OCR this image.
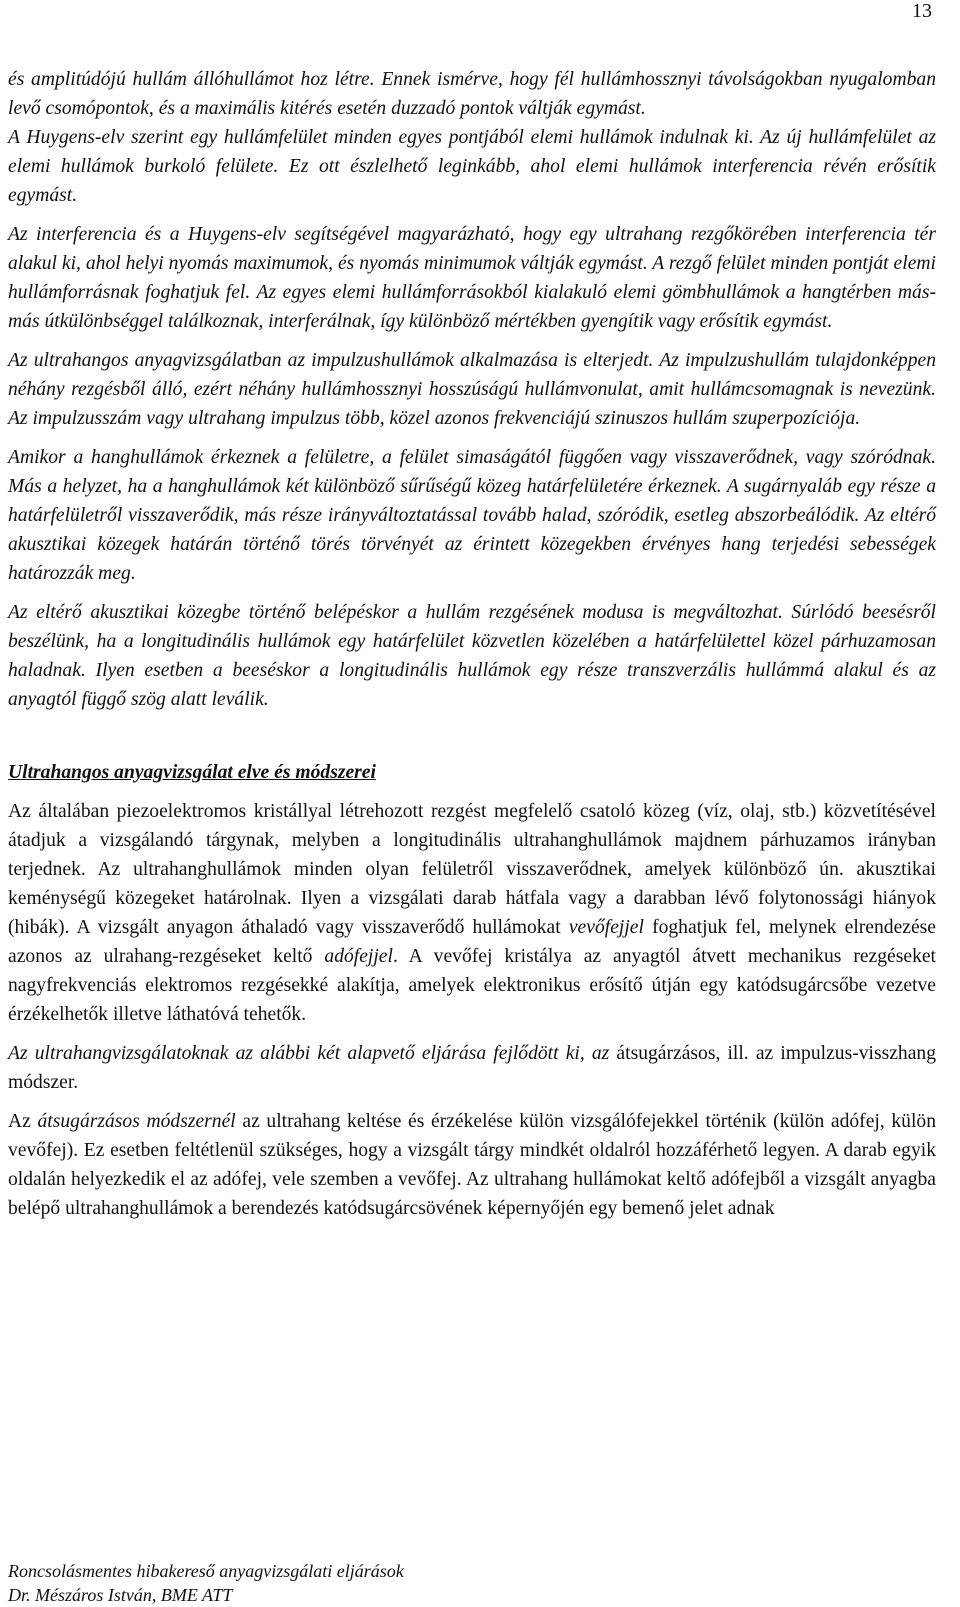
13

és amplitúdójú hullám állóhullámot hoz létre. Ennek ismérve, hogy fél hullámhossznyi távolságokban nyugalomban levő csomópontok, és a maximális kitérés esetén duzzadó pontok váltják egymást.

A Huygens-elv szerint egy hullámfelület minden egyes pontjából elemi hullámok indulnak ki. Az új hullámfelület az elemi hullámok burkoló felülete. Ez ott észlelhető leginkább, ahol elemi hullámok interferencia révén erősítik egymást.

Az interferencia és a Huygens-elv segítségével magyarázható, hogy egy ultrahang rezgőkörében interferencia tér alakul ki, ahol helyi nyomás maximumok, és nyomás minimumok váltják egymást. A rezgő felület minden pontját elemi hullámforrásnak foghatjuk fel. Az egyes elemi hullámforrásokból kialakuló elemi gömbhullámok a hangtérben más-más útkülönbséggel találkoznak, interferálnak, így különböző mértékben gyengítik vagy erősítik egymást.

Az ultrahangos anyagvizsgálatban az impulzushullámok alkalmazása is elterjedt. Az impulzushullám tulajdonképpen néhány rezgésből álló, ezért néhány hullámhossznyi hosszúságú hullámvonulat, amit hullámcsomagnak is nevezünk. Az impulzusszám vagy ultrahang impulzus több, közel azonos frekvenciájú szinuszos hullám szuperpozíciója.

Amikor a hanghullámok érkeznek a felületre, a felület simaságától függően vagy visszaverődnek, vagy szóródnak. Más a helyzet, ha a hanghullámok két különböző sűrűségű közeg határfelületére érkeznek. A sugárnyaláb egy része a határfelületről visszaverődik, más része irányváltoztatással tovább halad, szóródik, esetleg abszorbeálódik. Az eltérő akusztikai közegek határán történő törés törvényét az érintett közegekben érvényes hang terjedési sebességek határozzák meg.

Az eltérő akusztikai közegbe történő belépéskor a hullám rezgésének modusa is megváltozhat. Súrlódó beesésről beszélünk, ha a longitudinális hullámok egy határfelület közvetlen közelében a határfelülettel közel párhuzamosan haladnak. Ilyen esetben a beeséskor a longitudinális hullámok egy része transzverzális hullámmá alakul és az anyagtól függő szög alatt leválik.

Ultrahangos anyagvizsgálat elve és módszerei

Az általában piezoelektromos kristállyal létrehozott rezgést megfelelő csatoló közeg (víz, olaj, stb.) közvetítésével átadjuk a vizsgálandó tárgynak, melyben a longitudinális ultrahanghullámok majdnem párhuzamos irányban terjednek. Az ultrahanghullámok minden olyan felületről visszaverődnek, amelyek különböző ún. akusztikai keménységű közegeket határolnak. Ilyen a vizsgálati darab hátfala vagy a darabban lévő folytonossági hiányok (hibák). A vizsgált anyagon áthaladó vagy visszaverődő hullámokat vevőfejjel foghatjuk fel, melynek elrendezése azonos az ulrahang-rezgéseket keltő adófejjel. A vevőfej kristálya az anyagtól átvett mechanikus rezgéseket nagyfrekvenciás elektromos rezgésekké alakítja, amelyek elektronikus erősítő útján egy katódsugárcsőbe vezetve érzékelhetők illetve láthatóvá tehetők.

Az ultrahangvizsgálatoknak az alábbi két alapvető eljárása fejlődött ki, az átsugárzásos, ill. az impulzus-visszhang módszer.

Az átsugárzásos módszernél az ultrahang keltése és érzékelése külön vizsgálófejekkel történik (külön adófej, külön vevőfej). Ez esetben feltétlenül szükséges, hogy a vizsgált tárgy mindkét oldalról hozzáférhető legyen. A darab egyik oldalán helyezkedik el az adófej, vele szemben a vevőfej. Az ultrahang hullámokat keltő adófejből a vizsgált anyagba belépő ultrahanghullámok a berendezés katódsugárcsövének képernyőjén egy bemenő jelet adnak

Roncsolásmentes hibakereső anyagvizsgálati eljárások
Dr. Mészáros István, BME ATT
